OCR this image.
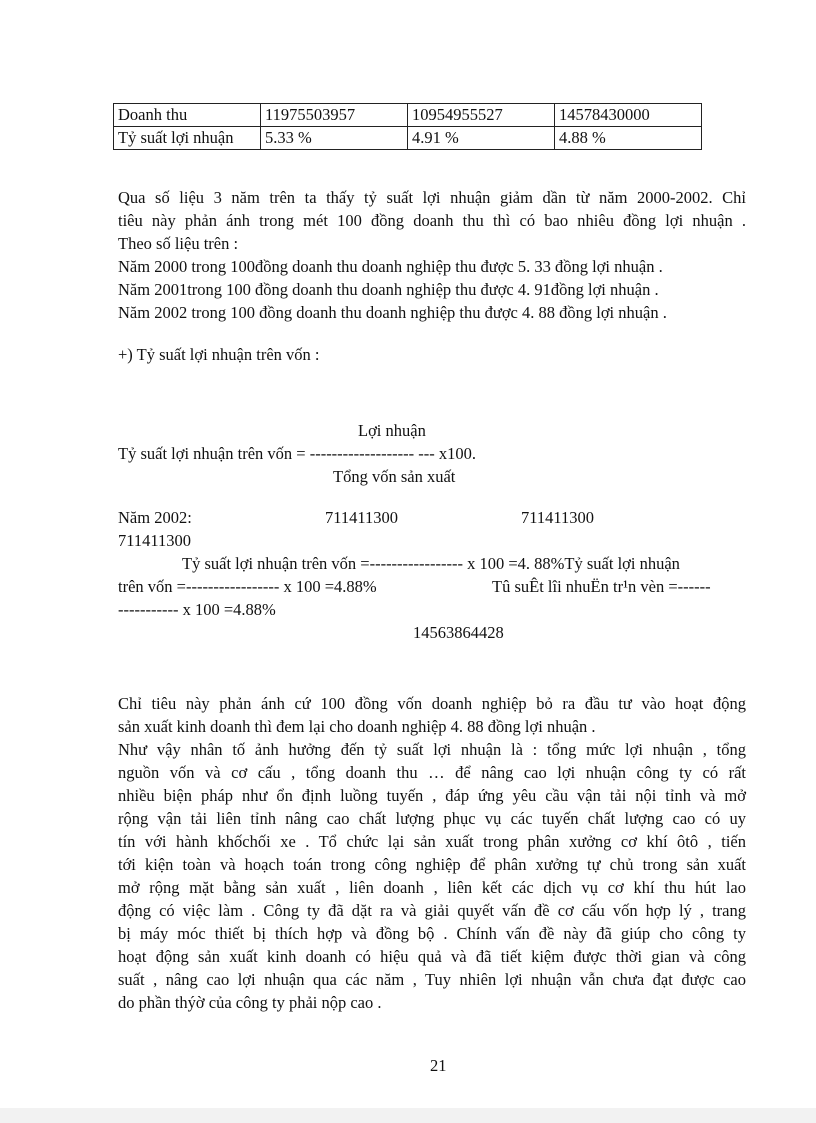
Doanh thu	11975503957	10954955527	14578430000
Tỷ suất lợi nhuận	5.33 %	4.91 %	4.88 %
Qua số liệu 3 năm trên ta thấy tỷ suất lợi nhuận giảm dần từ năm 2000-2002. Chỉ
tiêu này phản ánh trong mét 100 đồng doanh thu thì có bao nhiêu đồng lợi nhuận .
Theo số liệu trên :
Năm 2000 trong 100đồng doanh thu doanh nghiệp thu được 5. 33 đồng lợi nhuận .
Năm 2001trong 100 đồng doanh thu doanh nghiệp thu được 4. 91đồng lợi nhuận .
Năm 2002 trong 100 đồng doanh thu doanh nghiệp thu được 4. 88 đồng lợi nhuận .
+) Tỷ suất lợi nhuận trên vốn :
Lợi nhuận
Tỷ suất lợi nhuận trên vốn = ------------------- --- x100.
Tổng vốn sản xuất
Năm 2002:	711411300	711411300
711411300
Tỷ suất lợi nhuận trên vốn =----------------- x 100 =4. 88%Tỷ suất lợi nhuận
trên vốn =----------------- x 100 =4.88%	Tû suÊt lîi nhuËn tr¹n vèn =------
----------- x 100 =4.88%
14563864428
Chỉ tiêu này phản ánh cứ 100 đồng vốn doanh nghiệp bỏ ra đầu tư vào hoạt động
sản xuất kinh doanh thì đem lại cho doanh nghiệp 4. 88 đồng lợi nhuận .
Như vậy nhân tố ảnh hưởng đến tỷ suất lợi nhuận là : tổng mức lợi nhuận , tổng
nguồn vốn và cơ cấu , tổng doanh thu … để nâng cao lợi nhuận công ty có rất
nhiều biện pháp như ổn định luồng tuyến , đáp ứng yêu cầu vận tải nội tỉnh và mở
rộng vận tải liên tỉnh nâng cao chất lượng phục vụ các tuyến chất lượng cao có uy
tín với hành khốchối xe . Tổ chức lại sản xuất trong phân xưởng cơ khí ôtô , tiến
tới kiện toàn và hoạch toán trong công nghiệp để phân xưởng tự chủ trong sản xuất
mở rộng mặt bằng sản xuất , liên doanh , liên kết các dịch vụ cơ khí thu hút lao
động có việc làm . Công ty đã dặt ra và giải quyết vấn đề cơ cấu vốn hợp lý , trang
bị máy móc thiết bị thích hợp và đồng bộ . Chính vấn đề này đã giúp cho công ty
hoạt động sản xuất kinh doanh có hiệu quả và đã tiết kiệm được thời gian và công
suất , nâng cao lợi nhuận qua các năm , Tuy nhiên lợi nhuận vẫn chưa đạt được cao
do phần thýờ của công ty phải nộp cao .
21
